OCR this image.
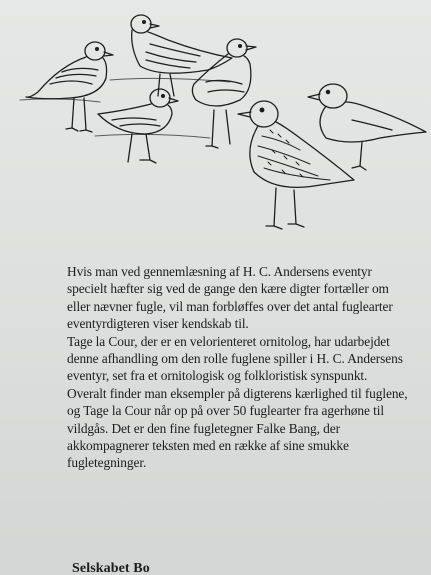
Hvis man ved gennemlæsning af H. C. Andersens eventyr specielt hæfter sig ved de gange den kære digter fortæller om eller nævner fugle, vil man forbløffes over det antal fuglearter eventyrdigteren viser kendskab til.

Tage la Cour, der er en velorienteret ornitolog, har udarbejdet denne afhandling om den rolle fuglene spiller i H. C. Andersens eventyr, set fra et ornitologisk og folkloristisk synspunkt.

Overalt finder man eksempler på digterens kærlighed til fuglene, og Tage la Cour når op på over 50 fuglearter fra agerhøne til vildgås. Det er den fine fugletegner Falke Bang, der akkompagnerer teksten med en række af sine smukke fugletegninger.

Selskabet Bo
